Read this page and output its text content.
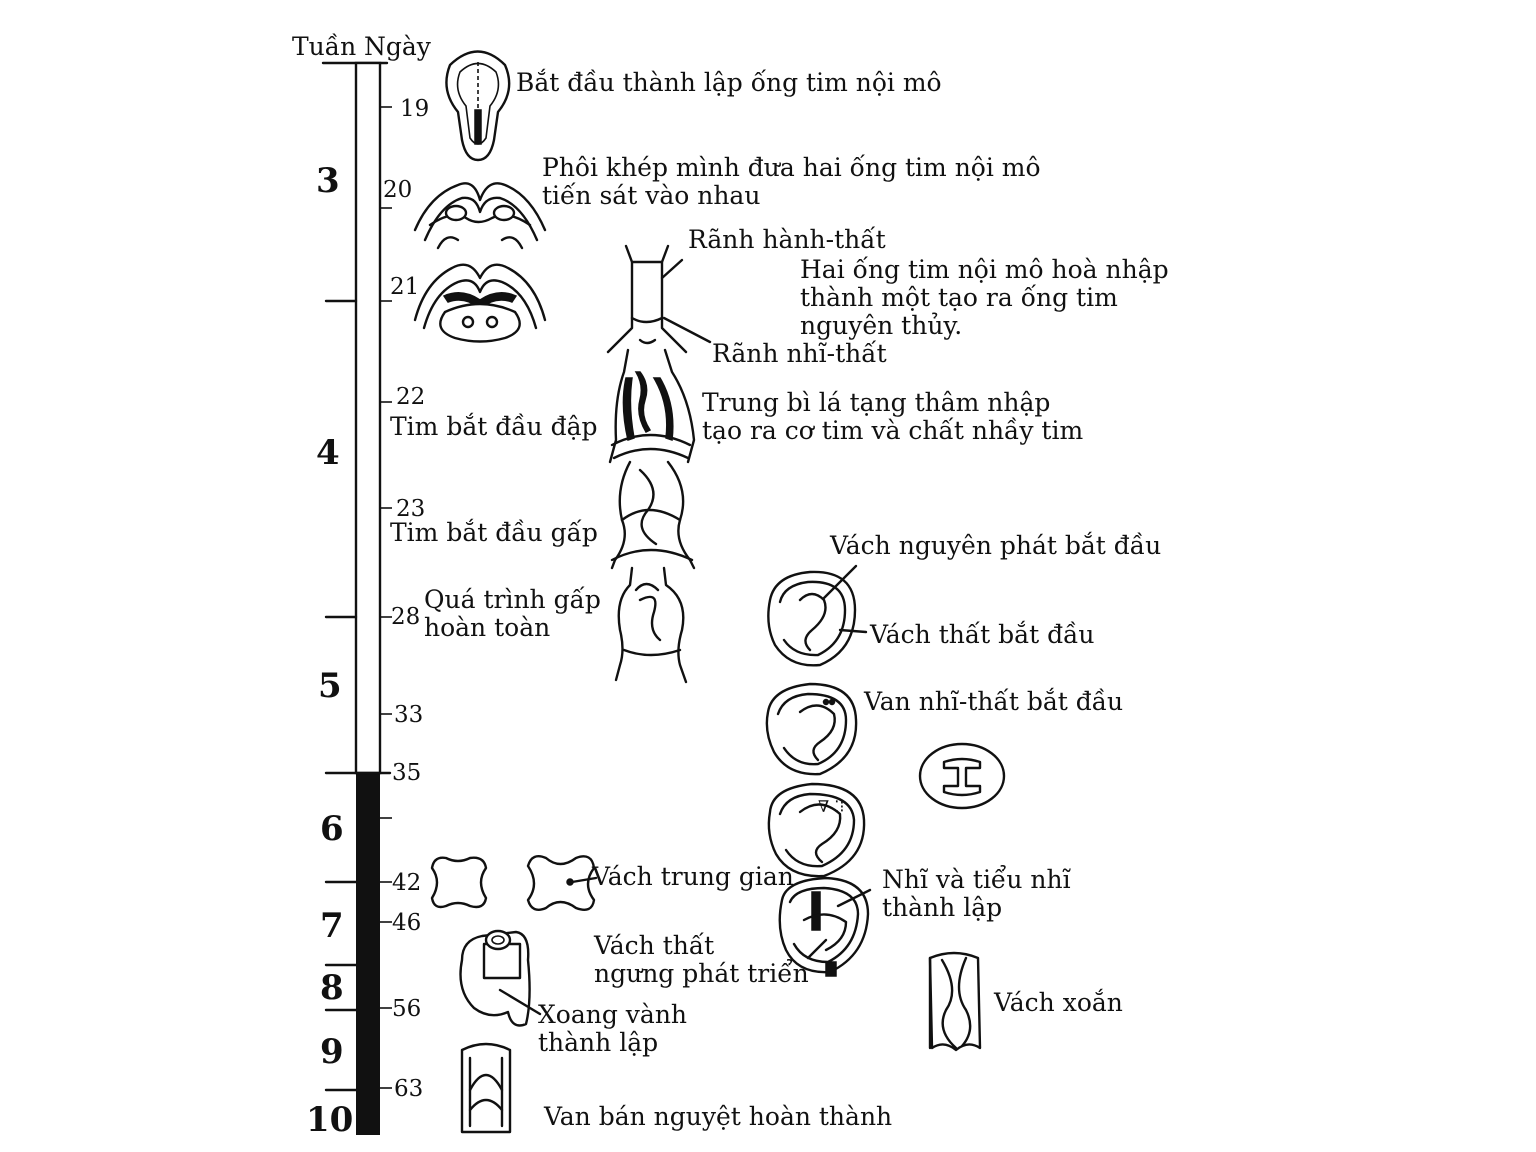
Tuần Ngày
3
4
5
6
7
8
9
10
19
20
21
22
23
28
33
35
42
46
56
63
∇ ⁚⁝
Bắt đầu thành lập ống tim nội mô
Phôi khép mình đưa hai ống tim nội mô
tiến sát vào nhau
Rãnh hành-thất
Hai ống tim nội mô hoà nhập
thành một tạo ra ống tim
nguyên thủy.
Rãnh nhĩ-thất
Trung bì lá tạng thâm nhập
tạo ra cơ tim và chất nhầy tim
Tim bắt đầu đập
Tim bắt đầu gấp	Vách nguyên phát bắt đầu
Quá trình gấp
hoàn toàn	Vách thất bắt đầu
Van nhĩ-thất bắt đầu
Vách trung gian	Nhĩ và tiểu nhĩ
thành lập
Vách thất
ngưng phát triển
Vách xoắn
Xoang vành
thành lập
Van bán nguyệt hoàn thành
